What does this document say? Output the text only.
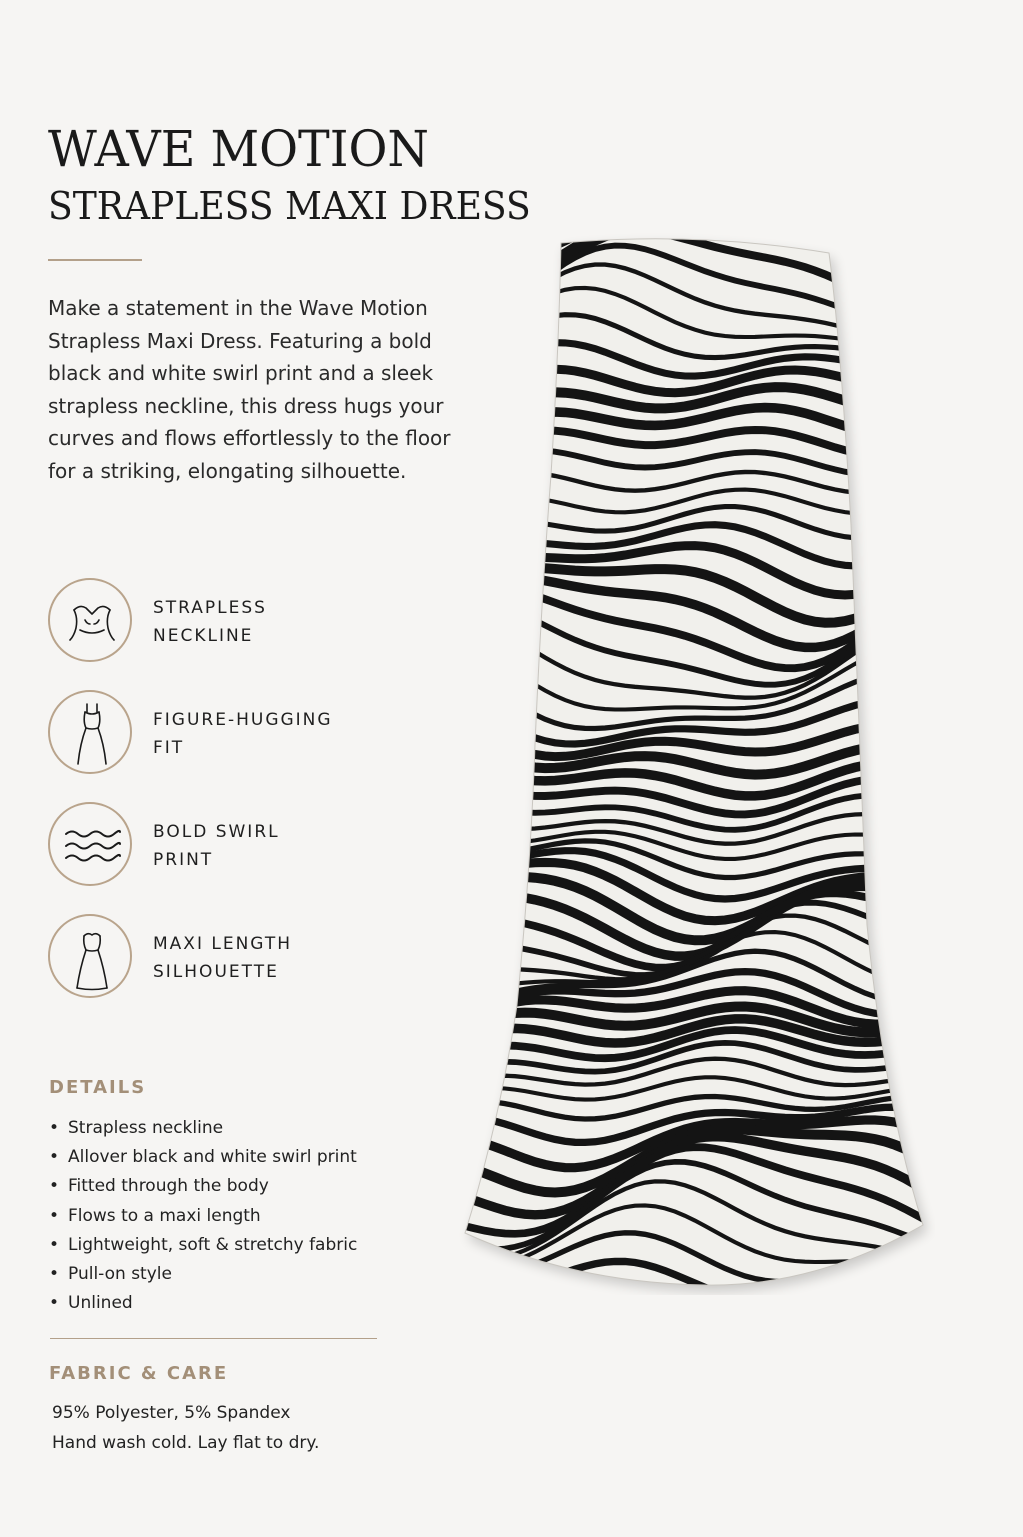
WAVE MOTION
STRAPLESS MAXI DRESS
Make a statement in the Wave Motion Strapless Maxi Dress. Featuring a bold black and white swirl print and a sleek strapless neckline, this dress hugs your curves and flows effortlessly to the floor for a striking, elongating silhouette.
STRAPLESS
NECKLINE
FIGURE-HUGGING
FIT
BOLD SWIRL
PRINT
MAXI LENGTH
SILHOUETTE
DETAILS
• Strapless neckline
• Allover black and white swirl print
• Fitted through the body
• Flows to a maxi length
• Lightweight, soft & stretchy fabric
• Pull-on style
• Unlined
FABRIC & CARE
95% Polyester, 5% Spandex
Hand wash cold. Lay flat to dry.
